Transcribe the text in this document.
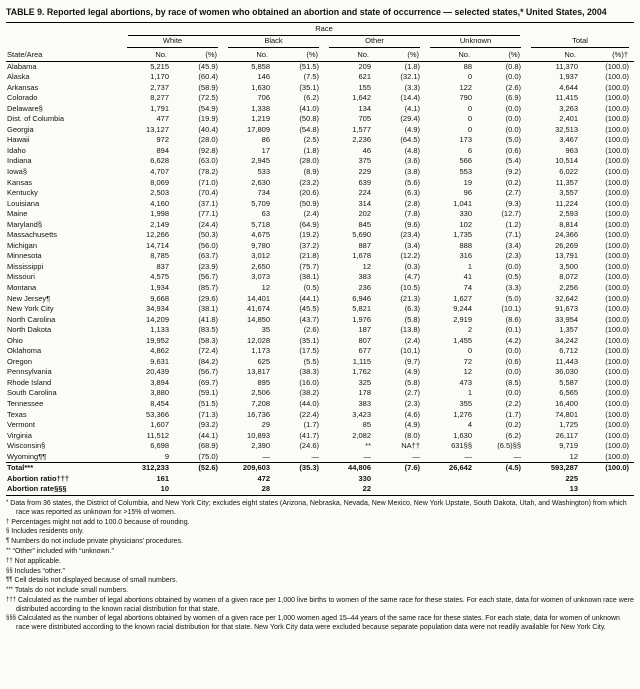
TABLE 9. Reported legal abortions, by race of women who obtained an abortion and state of occurrence — selected states,* United States, 2004

	Race									

	White		Black		Other		Unknown		Total	

State/Area	No.	(%)	No.	(%)	No.	(%)	No.	(%)	No.	(%)†
Alabama	5,215	(45.9)	5,858	(51.5)	209	(1.8)	88	(0.8)	11,370	(100.0)
Alaska	1,170	(60.4)	146	(7.5)	621	(32.1)	0	(0.0)	1,937	(100.0)
Arkansas	2,737	(58.9)	1,630	(35.1)	155	(3.3)	122	(2.6)	4,644	(100.0)
Colorado	8,277	(72.5)	706	(6.2)	1,642	(14.4)	790	(6.9)	11,415	(100.0)
Delaware§	1,791	(54.9)	1,338	(41.0)	134	(4.1)	0	(0.0)	3,263	(100.0)
Dist. of Columbia	477	(19.9)	1,219	(50.8)	705	(29.4)	0	(0.0)	2,401	(100.0)
Georgia	13,127	(40.4)	17,809	(54.8)	1,577	(4.9)	0	(0.0)	32,513	(100.0)
Hawaii	972	(28.0)	86	(2.5)	2,236	(64.5)	173	(5.0)	3,467	(100.0)
Idaho	894	(92.8)	17	(1.8)	46	(4.8)	6	(0.6)	963	(100.0)
Indiana	6,628	(63.0)	2,945	(28.0)	375	(3.6)	566	(5.4)	10,514	(100.0)
Iowa§	4,707	(78.2)	533	(8.9)	229	(3.8)	553	(9.2)	6,022	(100.0)
Kansas	8,069	(71.0)	2,630	(23.2)	639	(5.6)	19	(0.2)	11,357	(100.0)
Kentucky	2,503	(70.4)	734	(20.6)	224	(6.3)	96	(2.7)	3,557	(100.0)
Louisiana	4,160	(37.1)	5,709	(50.9)	314	(2.8)	1,041	(9.3)	11,224	(100.0)
Maine	1,998	(77.1)	63	(2.4)	202	(7.8)	330	(12.7)	2,593	(100.0)
Maryland§	2,149	(24.4)	5,718	(64.9)	845	(9.6)	102	(1.2)	8,814	(100.0)
Massachusetts	12,266	(50.3)	4,675	(19.2)	5,690	(23.4)	1,735	(7.1)	24,366	(100.0)
Michigan	14,714	(56.0)	9,780	(37.2)	887	(3.4)	888	(3.4)	26,269	(100.0)
Minnesota	8,785	(63.7)	3,012	(21.8)	1,678	(12.2)	316	(2.3)	13,791	(100.0)
Mississippi	837	(23.9)	2,650	(75.7)	12	(0.3)	1	(0.0)	3,500	(100.0)
Missouri	4,575	(56.7)	3,073	(38.1)	383	(4.7)	41	(0.5)	8,072	(100.0)
Montana	1,934	(85.7)	12	(0.5)	236	(10.5)	74	(3.3)	2,256	(100.0)
New Jersey¶	9,668	(29.6)	14,401	(44.1)	6,946	(21.3)	1,627	(5.0)	32,642	(100.0)
New York City	34,934	(38.1)	41,674	(45.5)	5,821	(6.3)	9,244	(10.1)	91,673	(100.0)
North Carolina	14,209	(41.8)	14,850	(43.7)	1,976	(5.8)	2,919	(8.6)	33,954	(100.0)
North Dakota	1,133	(83.5)	35	(2.6)	187	(13.8)	2	(0.1)	1,357	(100.0)
Ohio	19,952	(58.3)	12,028	(35.1)	807	(2.4)	1,455	(4.2)	34,242	(100.0)
Oklahoma	4,862	(72.4)	1,173	(17.5)	677	(10.1)	0	(0.0)	6,712	(100.0)
Oregon	9,631	(84.2)	625	(5.5)	1,115	(9.7)	72	(0.6)	11,443	(100.0)
Pennsylvania	20,439	(56.7)	13,817	(38.3)	1,762	(4.9)	12	(0.0)	36,030	(100.0)
Rhode Island	3,894	(69.7)	895	(16.0)	325	(5.8)	473	(8.5)	5,587	(100.0)
South Carolina	3,880	(59.1)	2,506	(38.2)	178	(2.7)	1	(0.0)	6,565	(100.0)
Tennessee	8,454	(51.5)	7,208	(44.0)	383	(2.3)	355	(2.2)	16,400	(100.0)
Texas	53,366	(71.3)	16,736	(22.4)	3,423	(4.6)	1,276	(1.7)	74,801	(100.0)
Vermont	1,607	(93.2)	29	(1.7)	85	(4.9)	4	(0.2)	1,725	(100.0)
Virginia	11,512	(44.1)	10,893	(41.7)	2,082	(8.0)	1,630	(6.2)	26,117	(100.0)
Wisconsin§	6,698	(68.9)	2,390	(24.6)	**	NA††	631§§	(6.5)§§	9,719	(100.0)
Wyoming¶¶	9	(75.0)	—	—	—	—	—	—	12	(100.0)
Total***	312,233	(52.6)	209,603	(35.3)	44,806	(7.6)	26,642	(4.5)	593,287	(100.0)
Abortion ratio†††	161		472		330				225	
Abortion rate§§§	10		28		22				13	
* Data from 36 states, the District of Columbia, and New York City; excludes eight states (Arizona, Nebraska, Nevada, New Mexico, New York Upstate, South Dakota, Utah, and Washington) from which race was reported as unknown for >15% of women.
† Percentages might not add to 100.0 because of rounding.
§ Includes residents only.
¶ Numbers do not include private physicians’ procedures.
** “Other” included with “unknown.”
†† Not applicable.
§§ Includes “other.”
¶¶ Cell details not displayed because of small numbers.
*** Totals do not include small numbers.
††† Calculated as the number of legal abortions obtained by women of a given race per 1,000 live births to women of the same race for these states. For each state, data for women of unknown race were distributed according to the known racial distribution for that state.
§§§ Calculated as the number of legal abortions obtained by women of a given race per 1,000 women aged 15–44 years of the same race for these states. For each state, data for women of unknown race were distributed according to the known racial distribution for that state. New York City data were excluded because separate population data were not readily available for New York City.
